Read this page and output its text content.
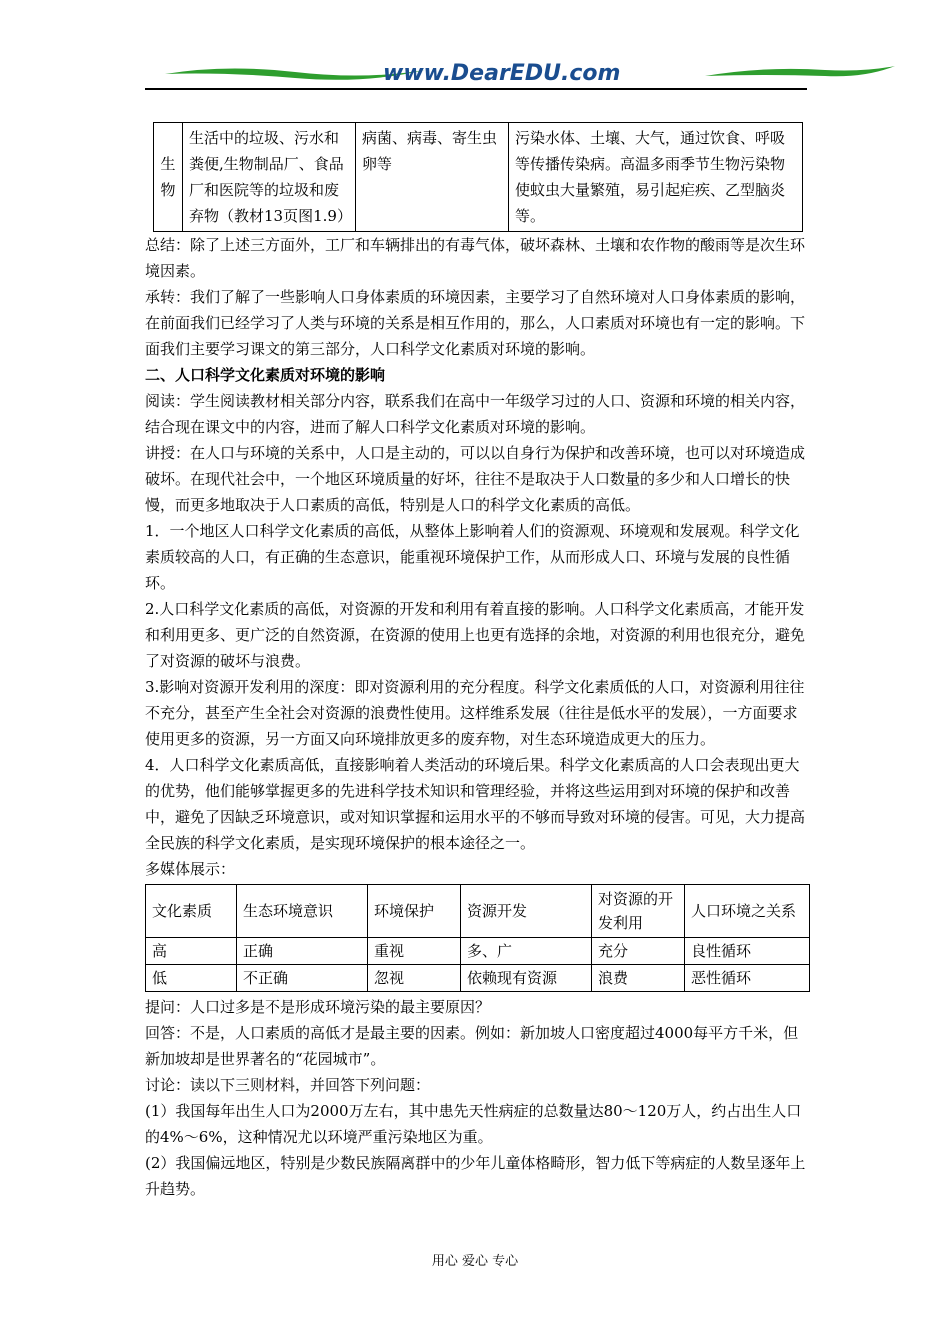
www.DearEDU.com
生物	生活中的垃圾、污水和粪便,生物制品厂、食品厂和医院等的垃圾和废弃物（教材13页图1.9）	病菌、病毒、寄生虫卵等	污染水体、土壤、大气，通过饮食、呼吸等传播传染病。高温多雨季节生物污染物使蚊虫大量繁殖，易引起疟疾、乙型脑炎等。

总结：除了上述三方面外，工厂和车辆排出的有毒气体，破坏森林、土壤和农作物的酸雨等是次生环境因素。

承转：我们了解了一些影响人口身体素质的环境因素，主要学习了自然环境对人口身体素质的影响，在前面我们已经学习了人类与环境的关系是相互作用的，那么，人口素质对环境也有一定的影响。下面我们主要学习课文的第三部分，人口科学文化素质对环境的影响。

二、人口科学文化素质对环境的影响

阅读：学生阅读教材相关部分内容，联系我们在高中一年级学习过的人口、资源和环境的相关内容，结合现在课文中的内容，进而了解人口科学文化素质对环境的影响。

讲授：在人口与环境的关系中，人口是主动的，可以以自身行为保护和改善环境，也可以对环境造成破坏。在现代社会中，一个地区环境质量的好坏，往往不是取决于人口数量的多少和人口增长的快慢，而更多地取决于人口素质的高低，特别是人口的科学文化素质的高低。

1．一个地区人口科学文化素质的高低，从整体上影响着人们的资源观、环境观和发展观。科学文化素质较高的人口，有正确的生态意识，能重视环境保护工作，从而形成人口、环境与发展的良性循环。

2.人口科学文化素质的高低，对资源的开发和利用有着直接的影响。人口科学文化素质高，才能开发和利用更多、更广泛的自然资源，在资源的使用上也更有选择的余地，对资源的利用也很充分，避免了对资源的破坏与浪费。

3.影响对资源开发利用的深度：即对资源利用的充分程度。科学文化素质低的人口，对资源利用往往不充分，甚至产生全社会对资源的浪费性使用。这样维系发展（往往是低水平的发展），一方面要求使用更多的资源，另一方面又向环境排放更多的废弃物，对生态环境造成更大的压力。

4．人口科学文化素质高低，直接影响着人类活动的环境后果。科学文化素质高的人口会表现出更大的优势，他们能够掌握更多的先进科学技术知识和管理经验，并将这些运用到对环境的保护和改善中，避免了因缺乏环境意识，或对知识掌握和运用水平的不够而导致对环境的侵害。可见，大力提高全民族的科学文化素质，是实现环境保护的根本途径之一。

多媒体展示：

文化素质	生态环境意识	环境保护	资源开发	对资源的开发利用	人口环境之关系
高	正确	重视	多、广	充分	良性循环
低	不正确	忽视	依赖现有资源	浪费	恶性循环

提问：人口过多是不是形成环境污染的最主要原因？

回答：不是，人口素质的高低才是最主要的因素。例如：新加坡人口密度超过4000每平方千米，但新加坡却是世界著名的“花园城市”。

讨论：读以下三则材料，并回答下列问题：

(1）我国每年出生人口为2000万左右，其中患先天性病症的总数量达80～120万人，约占出生人口的4%～6%，这种情况尤以环境严重污染地区为重。

(2）我国偏远地区，特别是少数民族隔离群中的少年儿童体格畸形，智力低下等病症的人数呈逐年上升趋势。

用心 爱心 专心
